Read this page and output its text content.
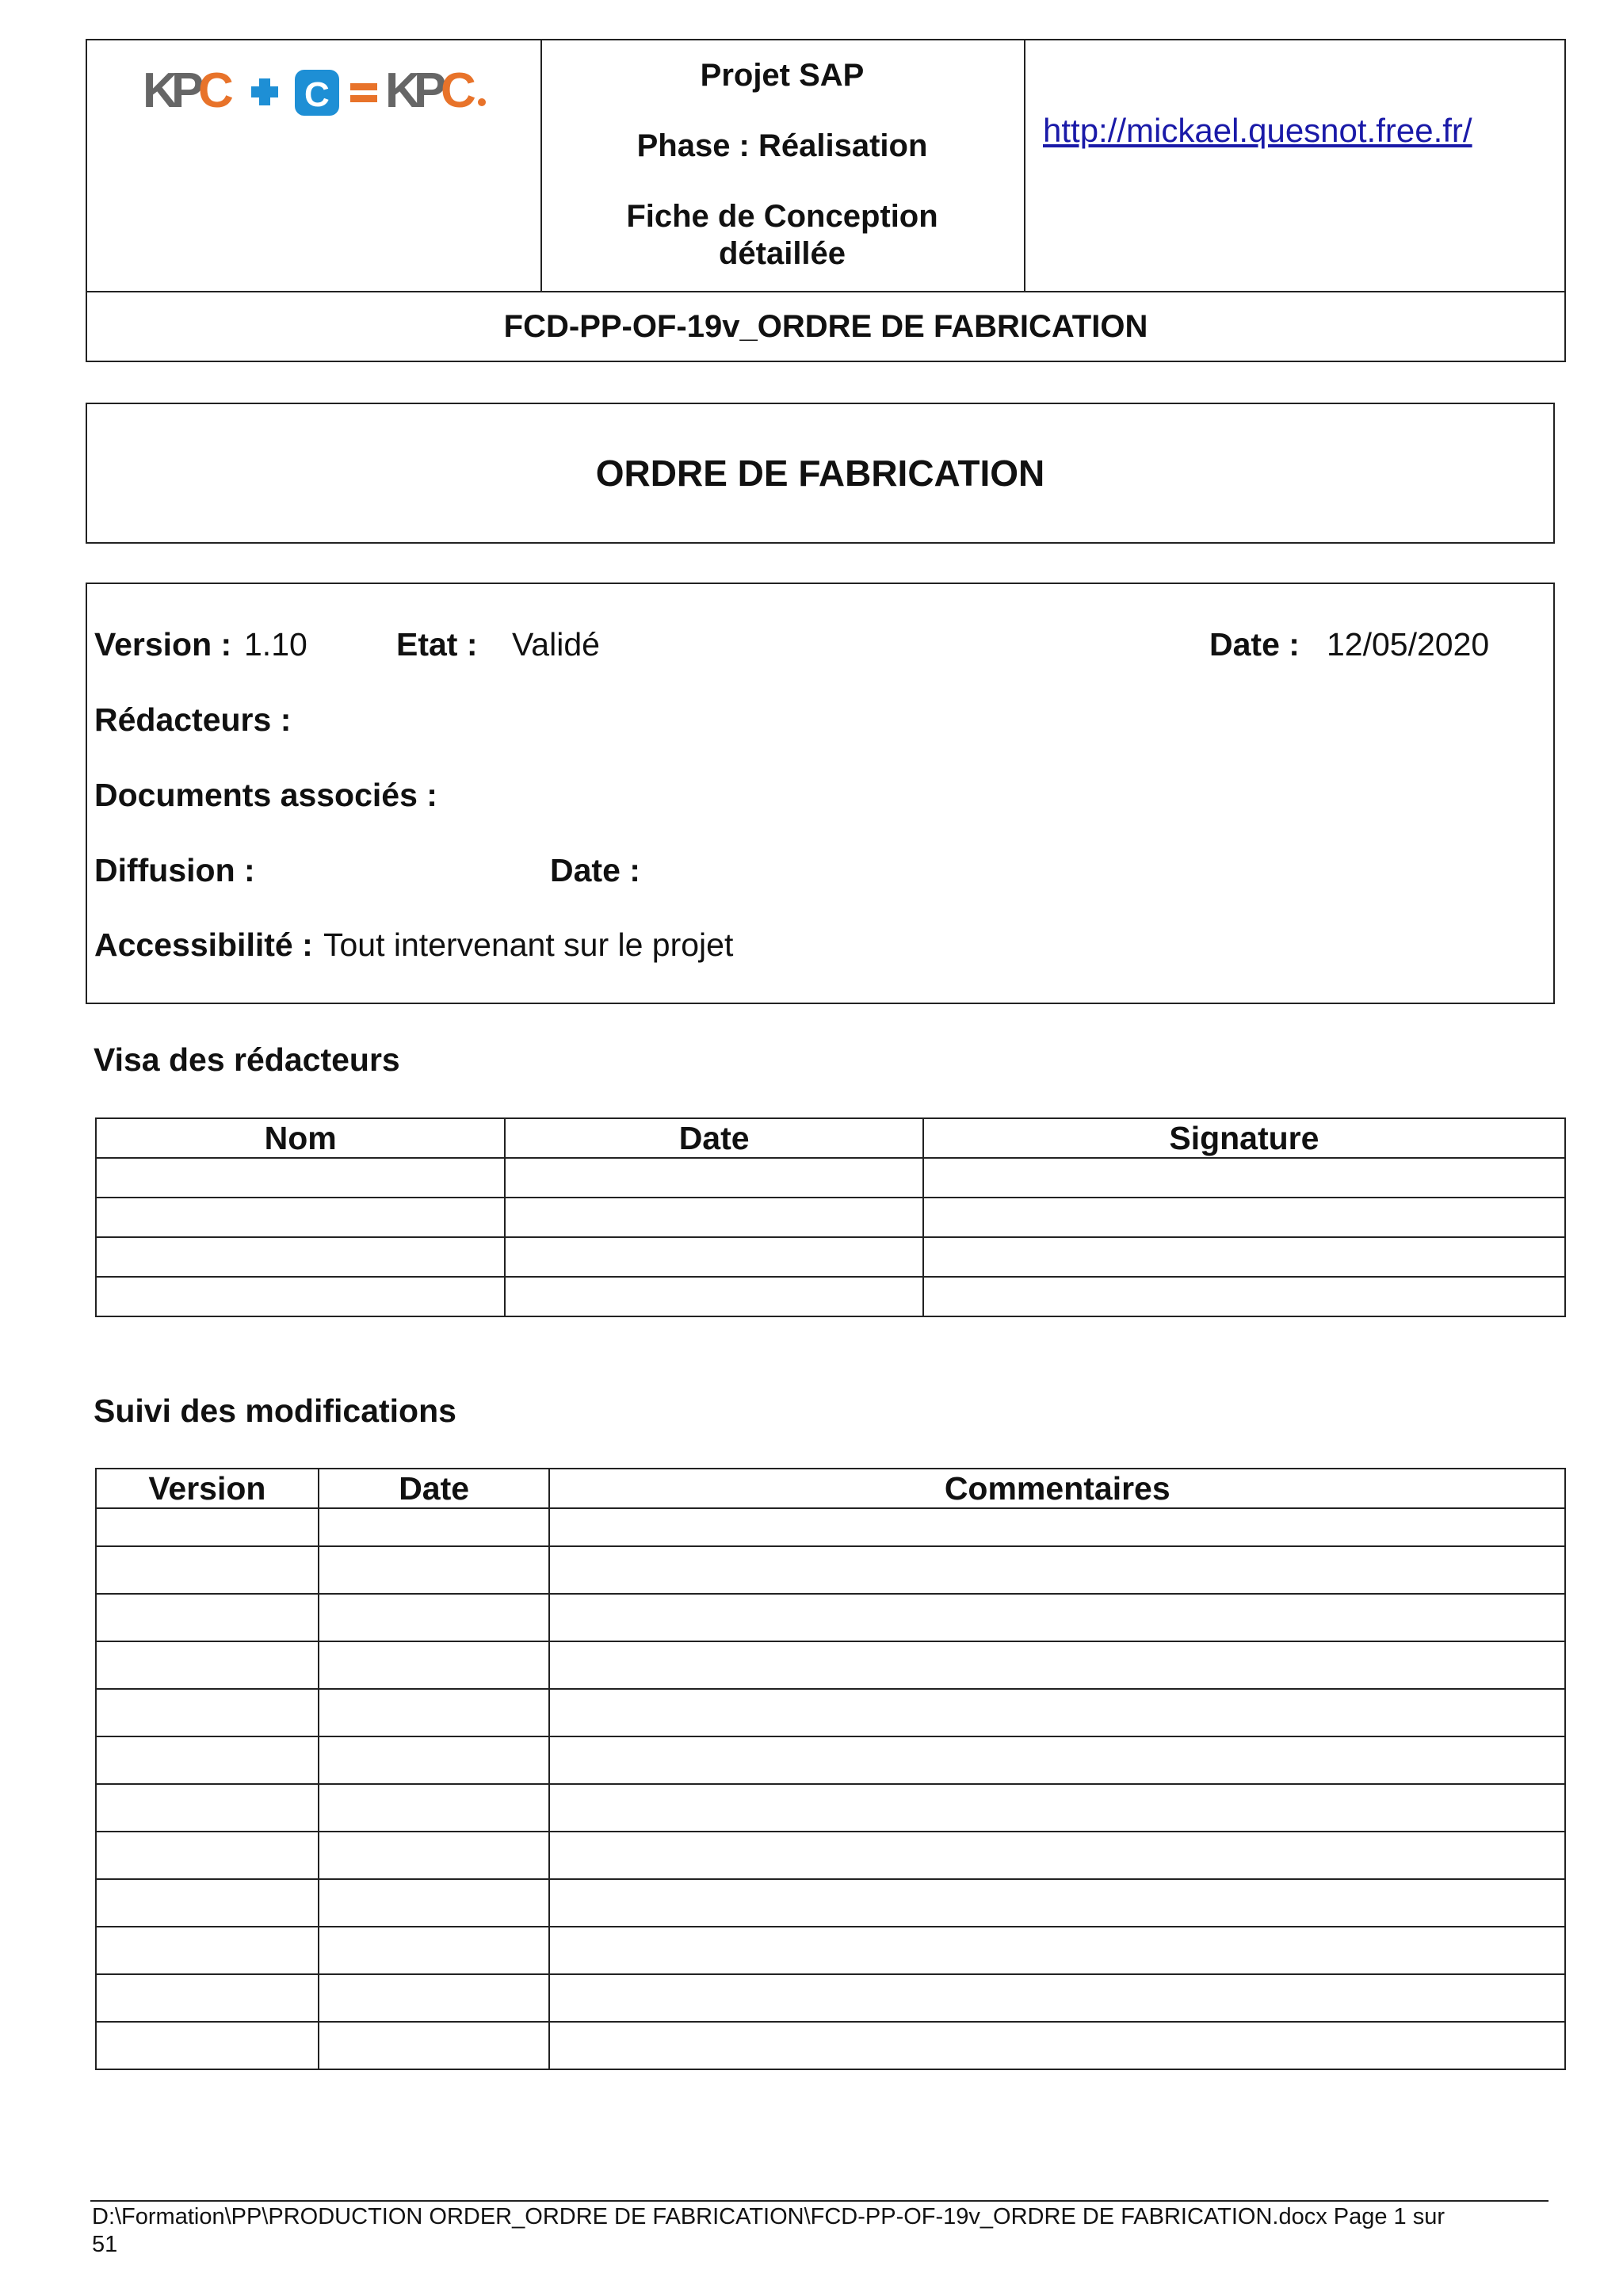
K
P
C C K
P
C	Projet SAP
Phase : Réalisation
Fiche de Conception
détaillée
http://mickael.quesnot.free.fr/
FCD-PP-OF-19v_ORDRE DE FABRICATION
ORDRE DE FABRICATION
Version : 1.10	Etat : Validé	Date : 12/05/2020
Rédacteurs :
Documents associés :
Diffusion :	Date :
Accessibilité : Tout intervenant sur le projet
Visa des rédacteurs
Nom	Date	Signature

Suivi des modifications
Version	Date	Commentaires

D:\Formation\PP\PRODUCTION ORDER_ORDRE DE FABRICATION\FCD-PP-OF-19v_ORDRE DE FABRICATION.docx Page 1 sur
51
